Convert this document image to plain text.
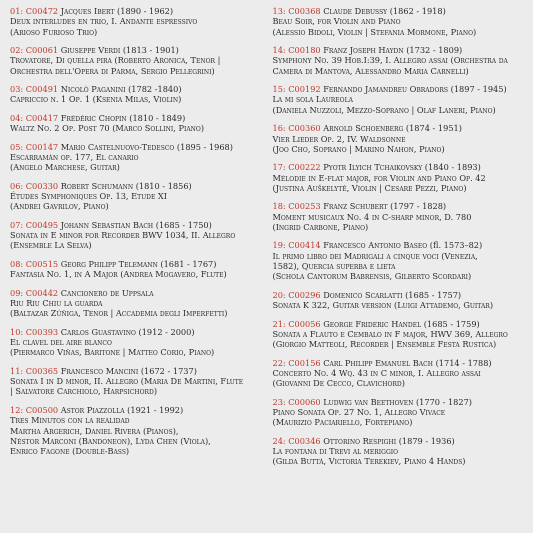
01: C00472 Jacques Ibert (1890 - 1962)
Deux interludes en trio, I. Andante espressivo
(Arioso Furioso Trio)
02: C00061 Giuseppe Verdi (1813 - 1901)
Trovatore, Di quella pira (Roberto Aronica, Tenor |
Orchestra dell'Opera di Parma, Sergio Pellegrini)
03: C00491 Nicolò Paganini (1782 -1840)
Capriccio n. 1 Op. 1 (Ksenia Milas, Violin)
04: C00417 Frédéric Chopin (1810 - 1849)
Waltz No. 2 Op. Post 70 (Marco Sollini, Piano)
05: C00147 Mario Castelnuovo-Tedesco (1895 - 1968)
Escarramán op. 177, El canario
(Angelo Marchese, Guitar)
06: C00330 Robert Schumann (1810 - 1856)
Études Symphoniques Op. 13, Etude XI
(Andrei Gavrilov, Piano)
07: C00495 Johann Sebastian Bach (1685 - 1750)
Sonata in E minor for Recorder BWV 1034, II. Allegro
(Ensemble La Selva)
08: C00515 Georg Philipp Telemann (1681 - 1767)
Fantasia No. 1, in A Major (Andrea Mogavero, Flute)
09: C00442 Cancionero de Uppsala
Riu Riu Chiu la guarda
(Baltazar Zúñiga, Tenor | Accademia degli Imperfetti)
10: C00393 Carlos Guastavino (1912 - 2000)
El clavel del aire blanco
(Piermarco Viñas, Baritone | Matteo Corio, Piano)
11: C00365 Francesco Mancini (1672 - 1737)
Sonata I in D minor, II. Allegro (Maria De Martini, Flute
| Salvatore Carchiolo, Harpsichord)
12: C00500 Astor Piazzolla (1921 - 1992)
Tres Minutos con la realidad
Martha Argerich, Daniel Rivera (Pianos),
Néstor Marconi (Bandoneon), Lyda Chen (Viola),
Enrico Fagone (Double-Bass)
13: C00368 Claude Debussy (1862 - 1918)
Beau Soir, for Violin and Piano
(Alessio Bidoli, Violin | Stefania Mormone, Piano)
14: C00180 Franz Joseph Haydn (1732 - 1809)
Symphony No. 39 Hob.I:39, I. Allegro assai (Orchestra da
Camera di Mantova, Alessandro Maria Carnelli)
15: C00192 Fernando Jamandreu Obradors (1897 - 1945)
La mi sola Laureola
(Daniela Nuzzoli, Mezzo-Soprano | Olaf Laneri, Piano)
16: C00360 Arnold Schoenberg (1874 - 1951)
Vier Lieder Op. 2, IV. Waldsonne
(Joo Cho, Soprano | Marino Nahon, Piano)
17: C00222 Pyotr Ilyich Tchaikovsky (1840 - 1893)
Mélodie in E-flat major, for Violin and Piano Op. 42
(Justina Auškelytė, Violin | Cesare Pezzi, Piano)
18: C00253 Franz Schubert (1797 - 1828)
Moment musicaux No. 4 in C-sharp minor, D. 780
(Ingrid Carbone, Piano)
19: C00414 Francesco Antonio Baseo (fl. 1573–82)
Il primo libro dei Madrigali a cinque voci (Venezia,
1582), Quercia superba e lieta
(Schola Cantorum Babrensis, Gilberto Scordari)
20: C00296 Domenico Scarlatti (1685 - 1757)
Sonata K 322, Guitar version (Luigi Attademo, Guitar)
21: C00056 George Frideric Handel (1685 - 1759)
Sonata a Flauto e Cembalo in F major, HWV 369, Allegro
(Giorgio Matteoli, Recorder | Ensemble Festa Rustica)
22: C00156 Carl Philipp Emanuel Bach (1714 - 1788)
Concerto No. 4 Wq. 43 in C minor, I. Allegro assai
(Giovanni De Cecco, Clavichord)
23: C00060 Ludwig van Beethoven (1770 - 1827)
Piano Sonata Op. 27 No. 1, Allegro Vivace
(Maurizio Paciariello, Fortepiano)
24: C00346 Ottorino Respighi (1879 - 1936)
La fontana di Trevi al meriggio
(Gilda Buttà, Victoria Terekiev, Piano 4 Hands)
